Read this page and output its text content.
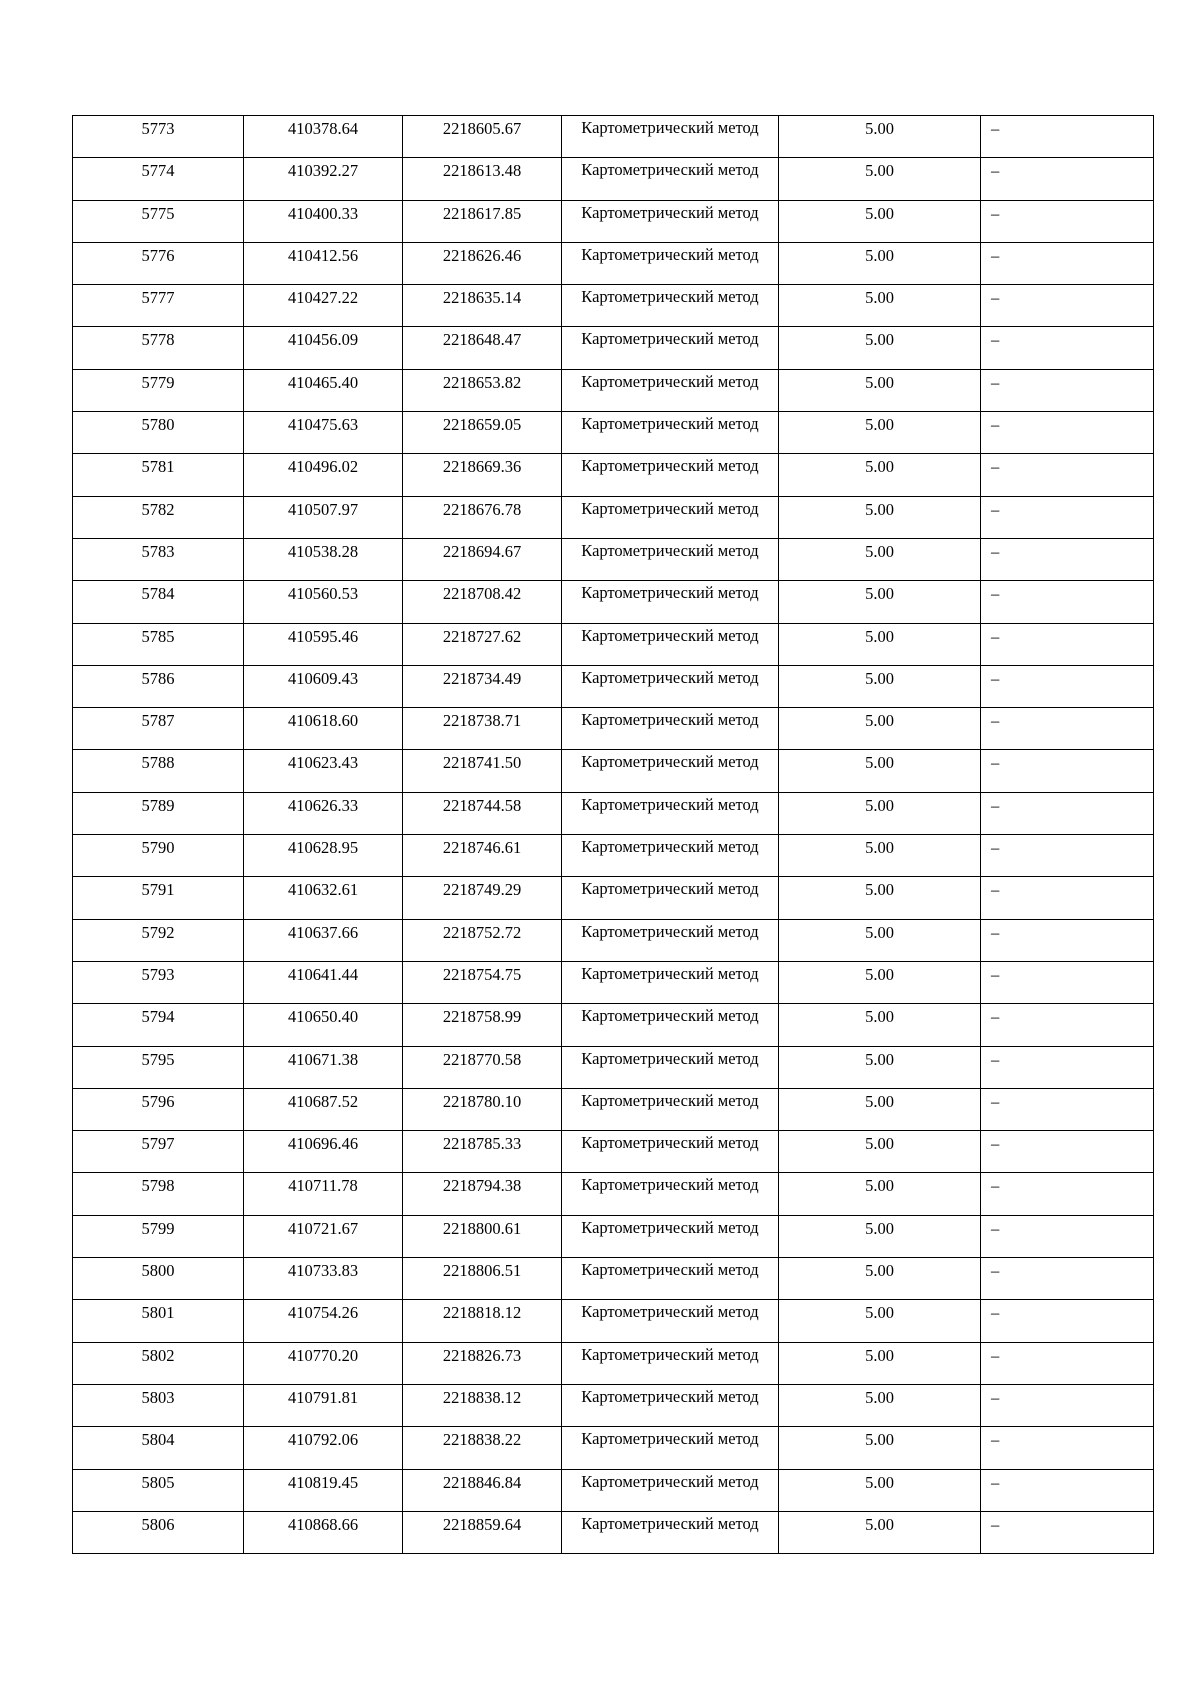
5773	410378.64	2218605.67	Картометрический метод	5.00	–

5774	410392.27	2218613.48	Картометрический метод	5.00	–

5775	410400.33	2218617.85	Картометрический метод	5.00	–

5776	410412.56	2218626.46	Картометрический метод	5.00	–

5777	410427.22	2218635.14	Картометрический метод	5.00	–

5778	410456.09	2218648.47	Картометрический метод	5.00	–

5779	410465.40	2218653.82	Картометрический метод	5.00	–

5780	410475.63	2218659.05	Картометрический метод	5.00	–

5781	410496.02	2218669.36	Картометрический метод	5.00	–

5782	410507.97	2218676.78	Картометрический метод	5.00	–

5783	410538.28	2218694.67	Картометрический метод	5.00	–

5784	410560.53	2218708.42	Картометрический метод	5.00	–

5785	410595.46	2218727.62	Картометрический метод	5.00	–

5786	410609.43	2218734.49	Картометрический метод	5.00	–

5787	410618.60	2218738.71	Картометрический метод	5.00	–

5788	410623.43	2218741.50	Картометрический метод	5.00	–

5789	410626.33	2218744.58	Картометрический метод	5.00	–

5790	410628.95	2218746.61	Картометрический метод	5.00	–

5791	410632.61	2218749.29	Картометрический метод	5.00	–

5792	410637.66	2218752.72	Картометрический метод	5.00	–

5793	410641.44	2218754.75	Картометрический метод	5.00	–

5794	410650.40	2218758.99	Картометрический метод	5.00	–

5795	410671.38	2218770.58	Картометрический метод	5.00	–

5796	410687.52	2218780.10	Картометрический метод	5.00	–

5797	410696.46	2218785.33	Картометрический метод	5.00	–

5798	410711.78	2218794.38	Картометрический метод	5.00	–

5799	410721.67	2218800.61	Картометрический метод	5.00	–

5800	410733.83	2218806.51	Картометрический метод	5.00	–

5801	410754.26	2218818.12	Картометрический метод	5.00	–

5802	410770.20	2218826.73	Картометрический метод	5.00	–

5803	410791.81	2218838.12	Картометрический метод	5.00	–

5804	410792.06	2218838.22	Картометрический метод	5.00	–

5805	410819.45	2218846.84	Картометрический метод	5.00	–

5806	410868.66	2218859.64	Картометрический метод	5.00	–
